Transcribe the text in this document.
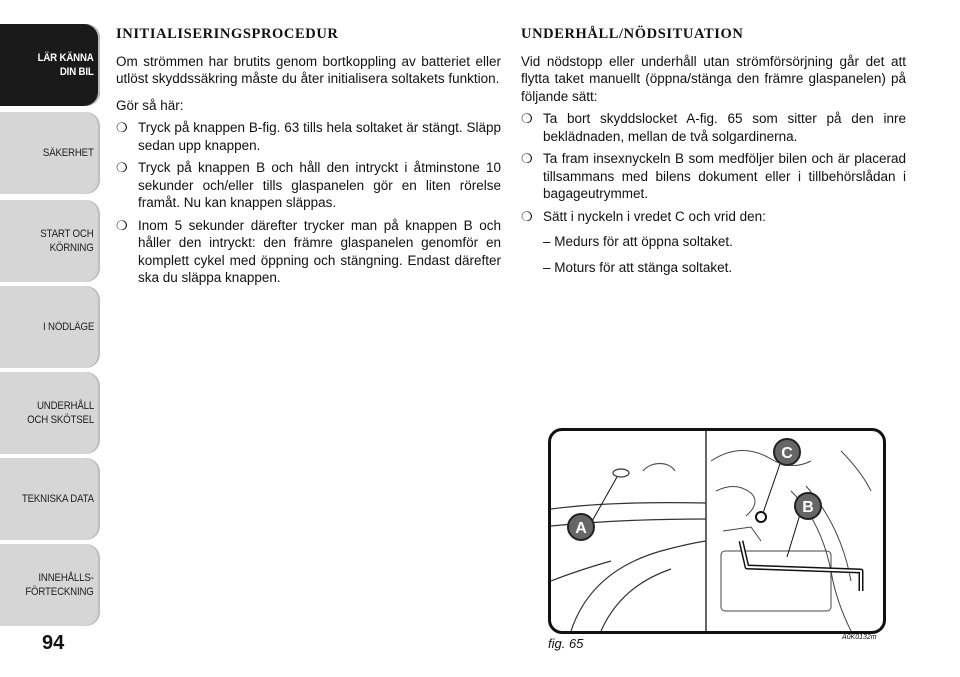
LÄR KÄNNA
DIN BIL
SÄKERHET
START OCH
KÖRNING
I NÖDLÄGE
UNDERHÅLL
OCH SKÖTSEL
TEKNISKA DATA
INNEHÅLLS-
FÖRTECKNING
94
INITIALISERINGSPROCEDUR

Om strömmen har brutits genom bortkoppling av batteriet eller utlöst skyddssäkring måste du åter initialisera soltakets funktion.

Gör så här:

❍ Tryck på knappen B-fig. 63 tills hela soltaket är stängt. Släpp sedan upp knappen.
❍ Tryck på knappen B och håll den intryckt i åtminstone 10 sekunder och/eller tills glaspanelen gör en liten rörelse framåt. Nu kan knappen släppas.
❍ Inom 5 sekunder därefter trycker man på knappen B och håller den intryckt: den främre glaspanelen genomför en komplett cykel med öppning och stängning. Endast därefter ska du släppa knappen.
UNDERHÅLL/NÖDSITUATION

Vid nödstopp eller underhåll utan strömförsörjning går det att flytta taket manuellt (öppna/stänga den främre glaspanelen) på följande sätt:

❍ Ta bort skyddslocket A-fig. 65 som sitter på den inre beklädnaden, mellan de två solgardinerna.
❍ Ta fram insexnyckeln B som medföljer bilen och är placerad tillsammans med bilens dokument eller i tillbehörslådan i bagageutrymmet.
❍ Sätt i nyckeln i vredet C och vrid den:
– Medurs för att öppna soltaket.
– Moturs för att stänga soltaket.
A
C
B
fig. 65	A0K0132m
